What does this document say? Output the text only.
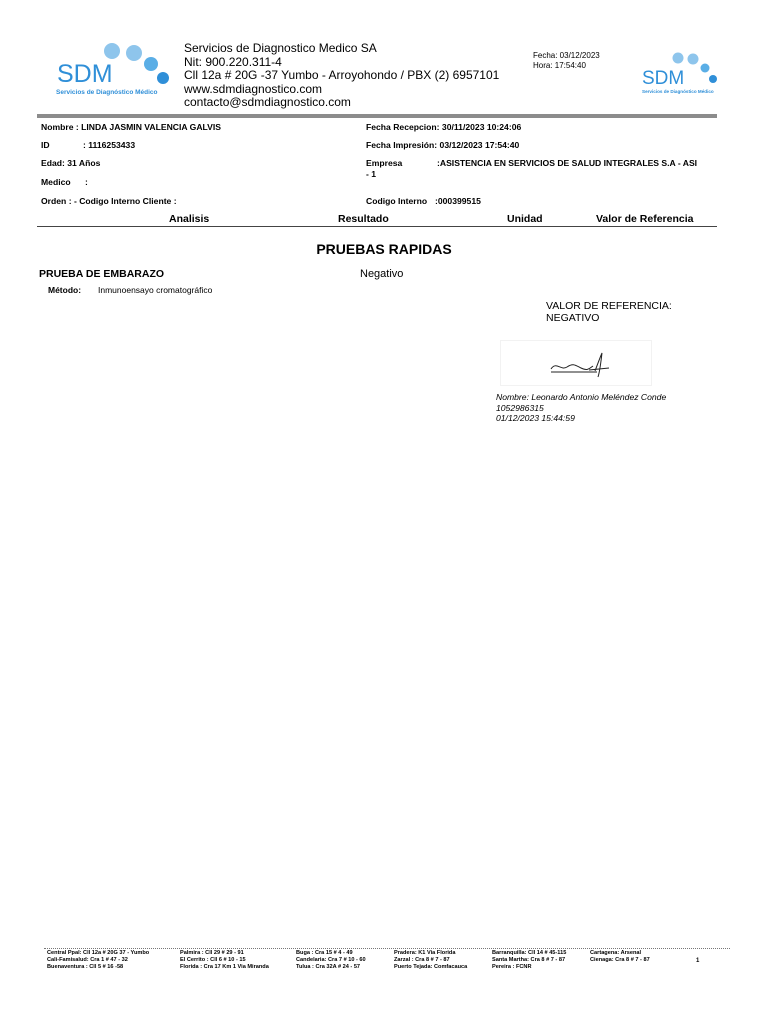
SDM
Servicios de Diagnóstico Médico
Servicios de Diagnostico Medico SA
Nit: 900.220.311-4
Cll 12a # 20G -37 Yumbo - Arroyohondo / PBX (2) 6957101
www.sdmdiagnostico.com
contacto@sdmdiagnostico.com
Fecha: 03/12/2023
Hora: 17:54:40
SDM
Servicios de Diagnóstico Médico
Nombre : LINDA JASMIN VALENCIA GALVIS
ID	: 1116253433
Edad: 31 Años
Medico :
Orden : - Codigo Interno Cliente :
Fecha Recepcion: 30/11/2023 10:24:06
Fecha Impresión: 03/12/2023 17:54:40
Empresa	:ASISTENCIA EN SERVICIOS DE SALUD INTEGRALES S.A - ASI
- 1
Codigo Interno :000399515
Analisis	Resultado	Unidad	Valor de Referencia
PRUEBAS RAPIDAS
PRUEBA DE EMBARAZO	Negativo
Método: Inmunoensayo cromatográfico
VALOR DE REFERENCIA:
NEGATIVO
Nombre: Leonardo Antonio Meléndez Conde
1052986315
01/12/2023 15:44:59
Central Ppal: Cll 12a # 20G 37 - Yumbo
Cali-Famisalud: Cra 1 # 47 - 32
Buenaventura : Cll 5 # 16 -58
Palmira : Cll 29 # 29 - 91
El Cerrito : Cll 6 # 10 - 15
Florida : Cra 17 Km 1 Via Miranda
Buga : Cra 15 # 4 - 49
Candelaria: Cra 7 # 10 - 60
Tulua : Cra 32A # 24 - 57
Pradera: K1 Via Florida
Zarzal : Cra 8 # 7 - 87
Puerto Tejada: Comfacauca
Barranquilla: Cll 14 # 45-115
Santa Martha: Cra 8 # 7 - 87
Pereira : FCNR
Cartagena: Arsenal
Cienaga: Cra 8 # 7 - 87	1
